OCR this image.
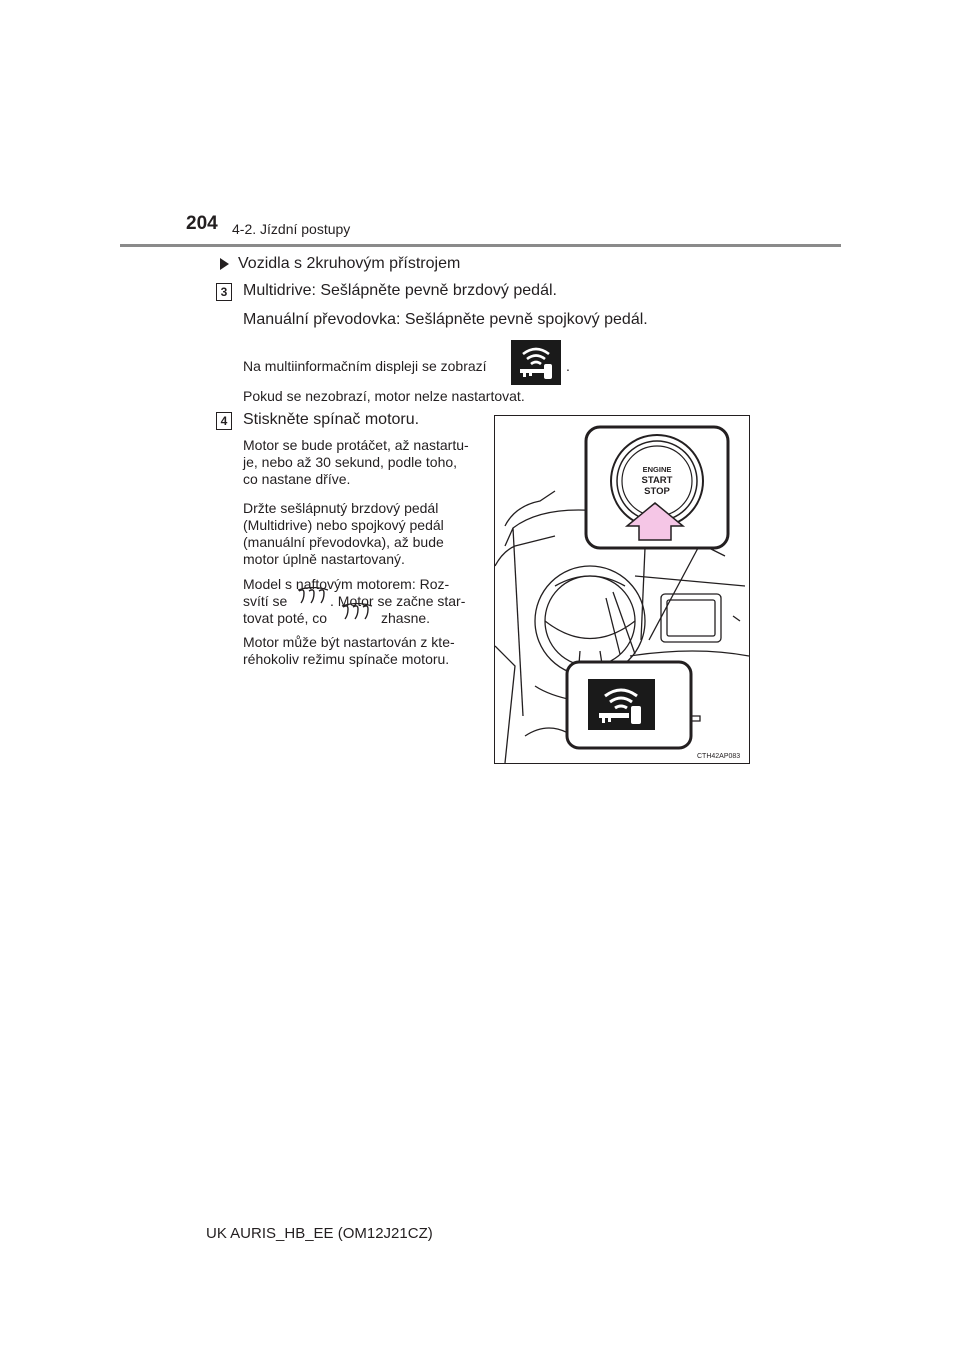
204 4-2. Jízdní postupy
Vozidla s 2kruhovým přístrojem
3 Multidrive: Sešlápněte pevně brzdový pedál.
Manuální převodovka: Sešlápněte pevně spojkový pedál.
Na multiinformačním displeji se zobrazí	.
Pokud se nezobrazí, motor nelze nastartovat.
4 Stiskněte spínač motoru.
Motor se bude protáčet, až nastartu-
je, nebo až 30 sekund, podle toho,
co nastane dříve.
Držte sešlápnutý brzdový pedál
(Multidrive) nebo spojkový pedál
(manuální převodovka), až bude
motor úplně nastartovaný.
Model s naftovým motorem: Roz-
svítí se	. Motor se začne star-
tovat poté, co	zhasne.
Motor může být nastartován z kte-
réhokoliv režimu spínače motoru.
ENGINE
START
STOP
CTH42AP083
UK AURIS_HB_EE (OM12J21CZ)
